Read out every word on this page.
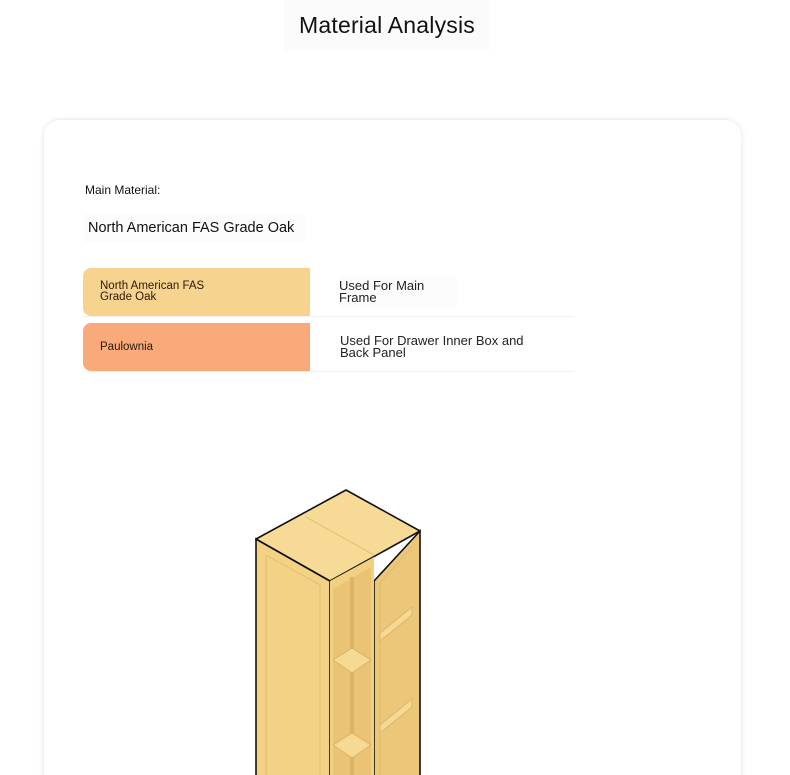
Material Analysis
Main Material:
North American FAS Grade Oak
North American FAS Grade Oak
Used For Main Frame
Paulownia	Used For Drawer Inner Box and Back Panel
